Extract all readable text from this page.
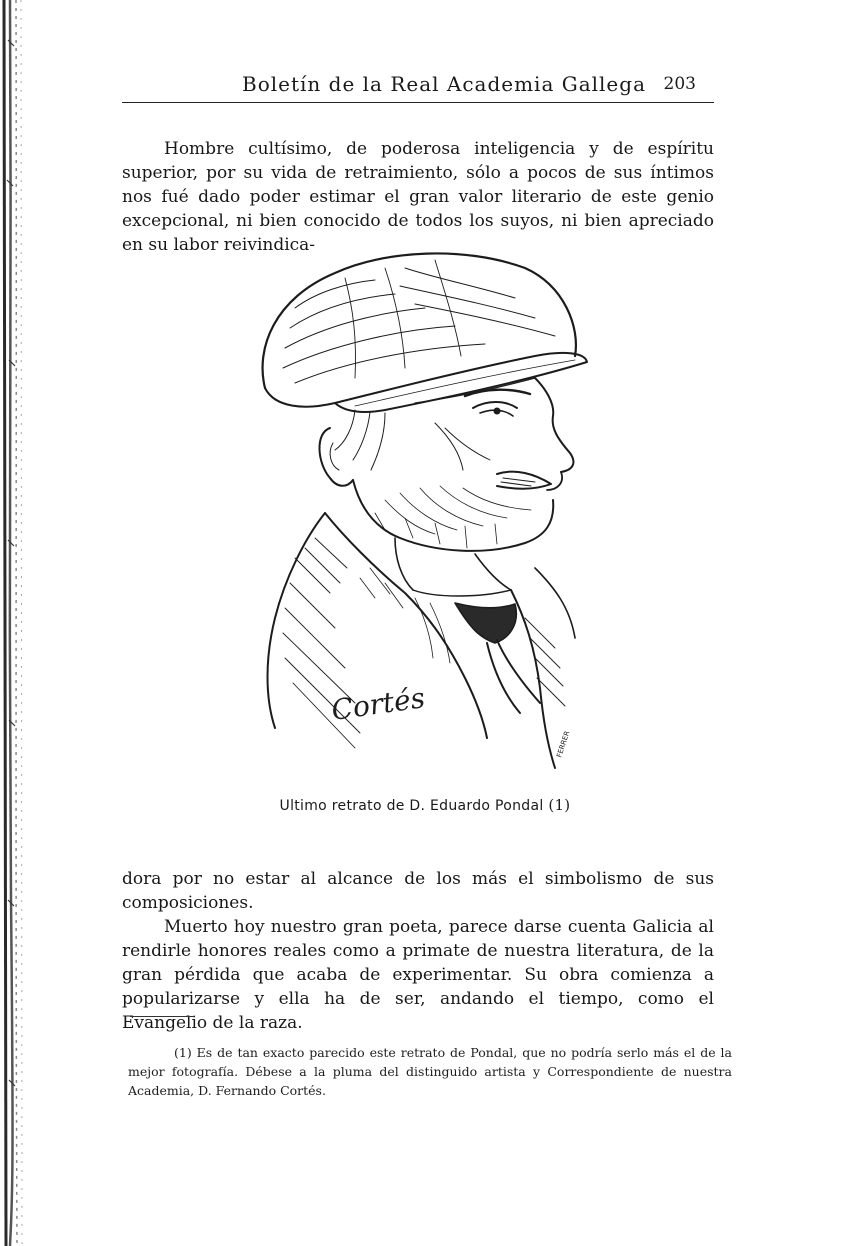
Boletín de la Real Academia Gallega 203

Hombre cultísimo, de poderosa inteligencia y de espíritu superior, por su vida de retraimiento, sólo a pocos de sus íntimos nos fué dado poder estimar el gran valor literario de este genio excepcional, ni bien conocido de todos los suyos, ni bien apreciado en su labor reivindica-

Cortés
FERRER
Ultimo retrato de D. Eduardo Pondal (1)

dora por no estar al alcance de los más el simbolismo de sus composiciones.

Muerto hoy nuestro gran poeta, parece darse cuenta Galicia al rendirle honores reales como a primate de nuestra literatura, de la gran pérdida que acaba de experimentar. Su obra comienza a popularizarse y ella ha de ser, andando el tiempo, como el Evangelio de la raza.

(1) Es de tan exacto parecido este retrato de Pondal, que no podría serlo más el de la mejor fotografía. Débese a la pluma del distinguido artista y Correspondiente de nuestra Academia, D. Fernando Cortés.
